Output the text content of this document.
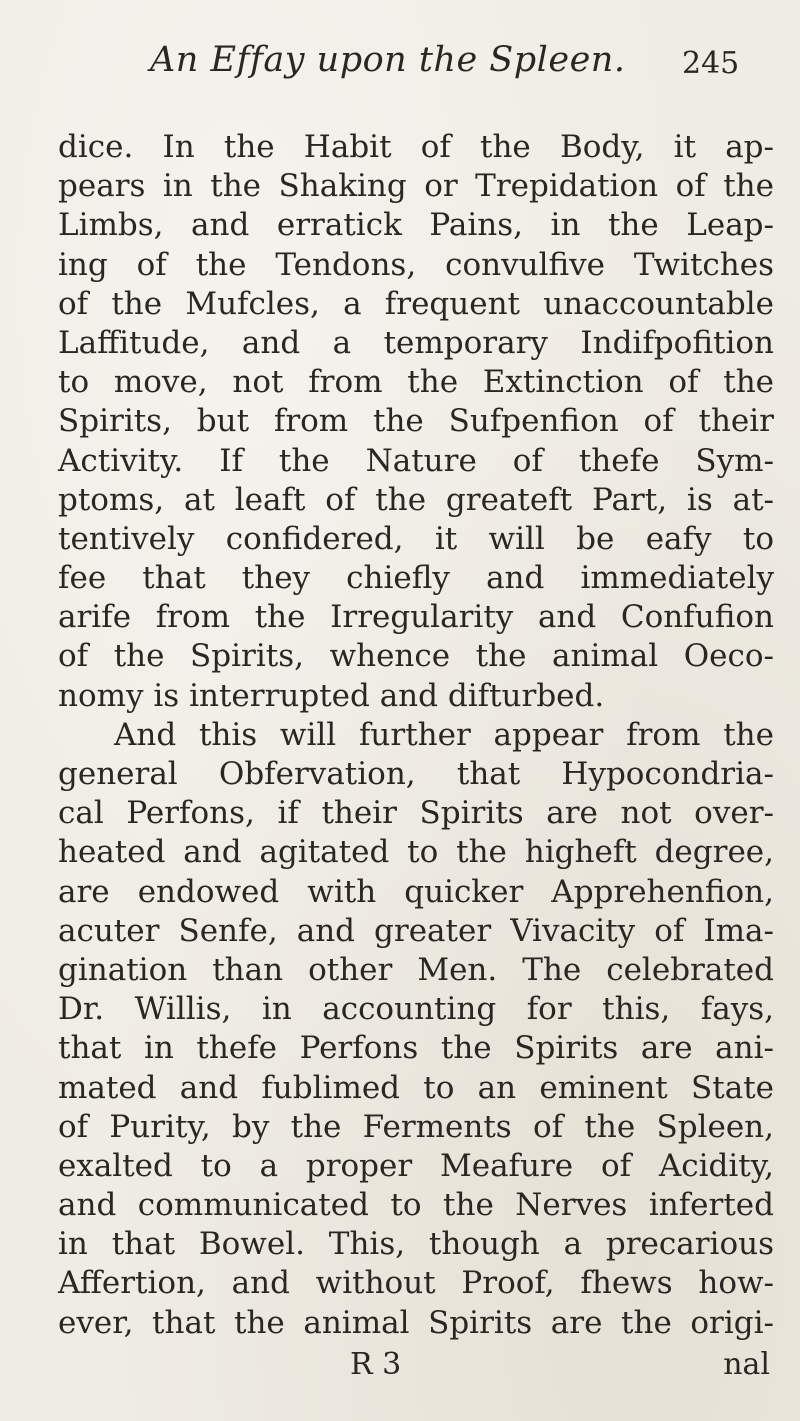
An Effay upon the Spleen. 245
dice. In the Habit of the Body, it ap-
pears in the Shaking or Trepidation of the
Limbs, and erratick Pains, in the Leap-
ing of the Tendons, convulfive Twitches
of the Mufcles, a frequent unaccountable
Laffitude, and a temporary Indifpofition
to move, not from the Extinction of the
Spirits, but from the Sufpenfion of their
Activity. If the Nature of thefe Sym-
ptoms, at leaft of the greateft Part, is at-
tentively confidered, it will be eafy to
fee that they chiefly and immediately
arife from the Irregularity and Confufion
of the Spirits, whence the animal Oeco-
nomy is interrupted and difturbed.
And this will further appear from the
general Obfervation, that Hypocondria-
cal Perfons, if their Spirits are not over-
heated and agitated to the higheft degree,
are endowed with quicker Apprehenfion,
acuter Senfe, and greater Vivacity of Ima-
gination than other Men. The celebrated
Dr. Willis, in accounting for this, fays,
that in thefe Perfons the Spirits are ani-
mated and fublimed to an eminent State
of Purity, by the Ferments of the Spleen,
exalted to a proper Meafure of Acidity,
and communicated to the Nerves inferted
in that Bowel. This, though a precarious
Affertion, and without Proof, fhews how-
ever, that the animal Spirits are the origi-
R 3	nal
